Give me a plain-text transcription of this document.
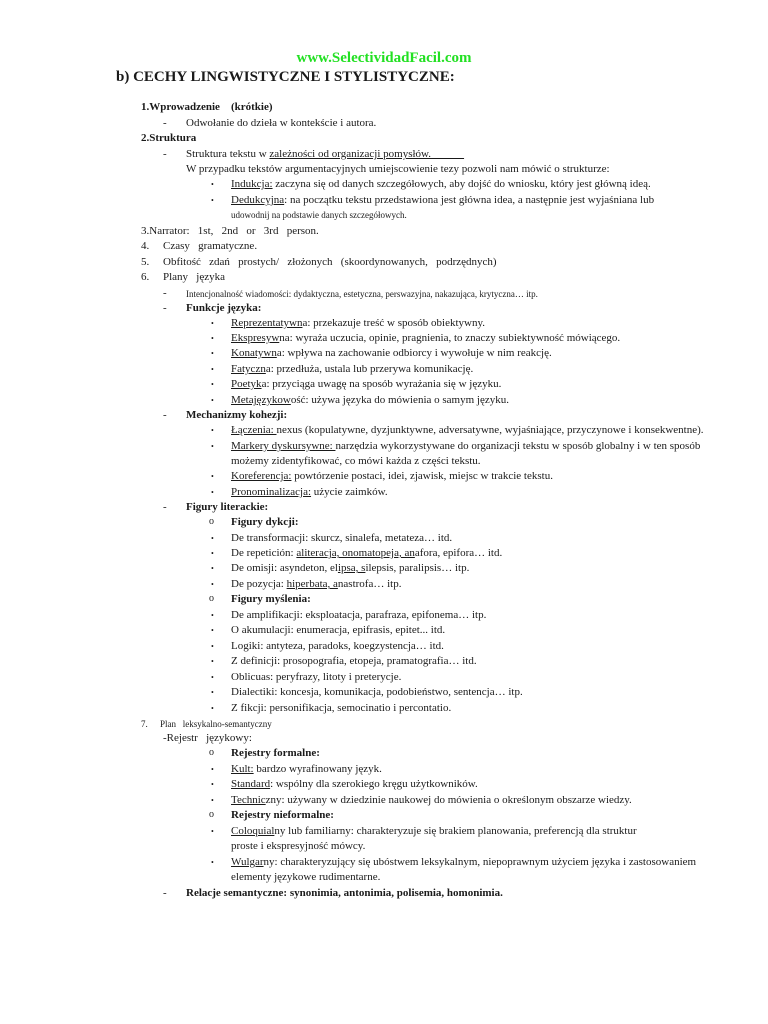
www.SelectividadFacil.com
b) CECHY LINGWISTYCZNE I STYLISTYCZNE:
1.Wprowadzenie (krótkie)
- Odwołanie do dzieła w kontekście i autora.
2.Struktura
- Struktura tekstu w zależności od organizacji pomysłów.______
W przypadku tekstów argumentacyjnych umiejscowienie tezy pozwoli nam mówić o strukturze:
• Indukcja: zaczyna się od danych szczegółowych, aby dojść do wniosku, który jest główną ideą.
• Dedukcyjna: na początku tekstu przedstawiona jest główna idea, a następnie jest wyjaśniana lub
udowodnij na podstawie danych szczegółowych.
3.Narrator:   1st,   2nd   or   3rd   person.
4. Czasy   gramatyczne.
5. Obfitość   zdań   prostych/   złożonych   (skoordynowanych,   podrzędnych)
6. Plany   języka
- Intencjonalność wiadomości: dydaktyczna, estetyczna, perswazyjna, nakazująca, krytyczna… itp.
- Funkcje języka:
• Reprezentatywna: przekazuje treść w sposób obiektywny.
• Ekspresywna: wyraża uczucia, opinie, pragnienia, to znaczy subiektywność mówiącego.
• Konatywna: wpływa na zachowanie odbiorcy i wywołuje w nim reakcję.
• Fatyczna: przedłuża, ustala lub przerywa komunikację.
• Poetyka: przyciąga uwagę na sposób wyrażania się w języku.
• Metajęzykowość: używa języka do mówienia o samym języku.
- Mechanizmy kohezji:
• Łączenia: nexus (kopulatywne, dyzjunktywne, adversatywne, wyjaśniające, przyczynowe i konsekwentne).
• Markery dyskursywne: narzędzia wykorzystywane do organizacji tekstu w sposób globalny i w ten sposób
możemy zidentyfikować, co mówi każda z części tekstu.
• Koreferencja: powtórzenie postaci, idei, zjawisk, miejsc w trakcie tekstu.
• Pronominalizacja: użycie zaimków.
- Figury literackie:
o Figury dykcji:
• De transformacji: skurcz, sinalefa, metateza… itd.
• De repetición: aliteracja, onomatopeja, anafora, epifora… itd.
• De omisji: asyndeton, elipsa, silepsis, paralipsis… itp.
• De pozycja: hiperbata, anastrofa… itp.
o Figury myślenia:
• De amplifikacji: eksploatacja, parafraza, epifonema… itp.
• O akumulacji: enumeracja, epifrasis, epitet... itd.
• Logiki: antyteza, paradoks, koegzystencja… itd.
• Z definicji: prosopografia, etopeja, pramatografia… itd.
• Oblicuas: peryfrazy, litoty i preterycje.
• Dialectiki: koncesja, komunikacja, podobieństwo, sentencja… itp.
• Z fikcji: personifikacja, semocinatio i percontatio.
7. Plan   leksykalno-semantyczny
-Rejestr   językowy:
o Rejestry formalne:
• Kult: bardzo wyrafinowany język.
• Standard: wspólny dla szerokiego kręgu użytkowników.
• Techniczny: używany w dziedzinie naukowej do mówienia o określonym obszarze wiedzy.
o Rejestry nieformalne:
• Coloquialny lub familiarny: charakteryzuje się brakiem planowania, preferencją dla struktur
proste i ekspresyjność mówcy.
• Wulgarny: charakteryzujący się ubóstwem leksykalnym, niepoprawnym użyciem języka i zastosowaniem
elementy językowe rudimentarne.
- Relacje semantyczne: synonimia, antonimia, polisemia, homonimia.
